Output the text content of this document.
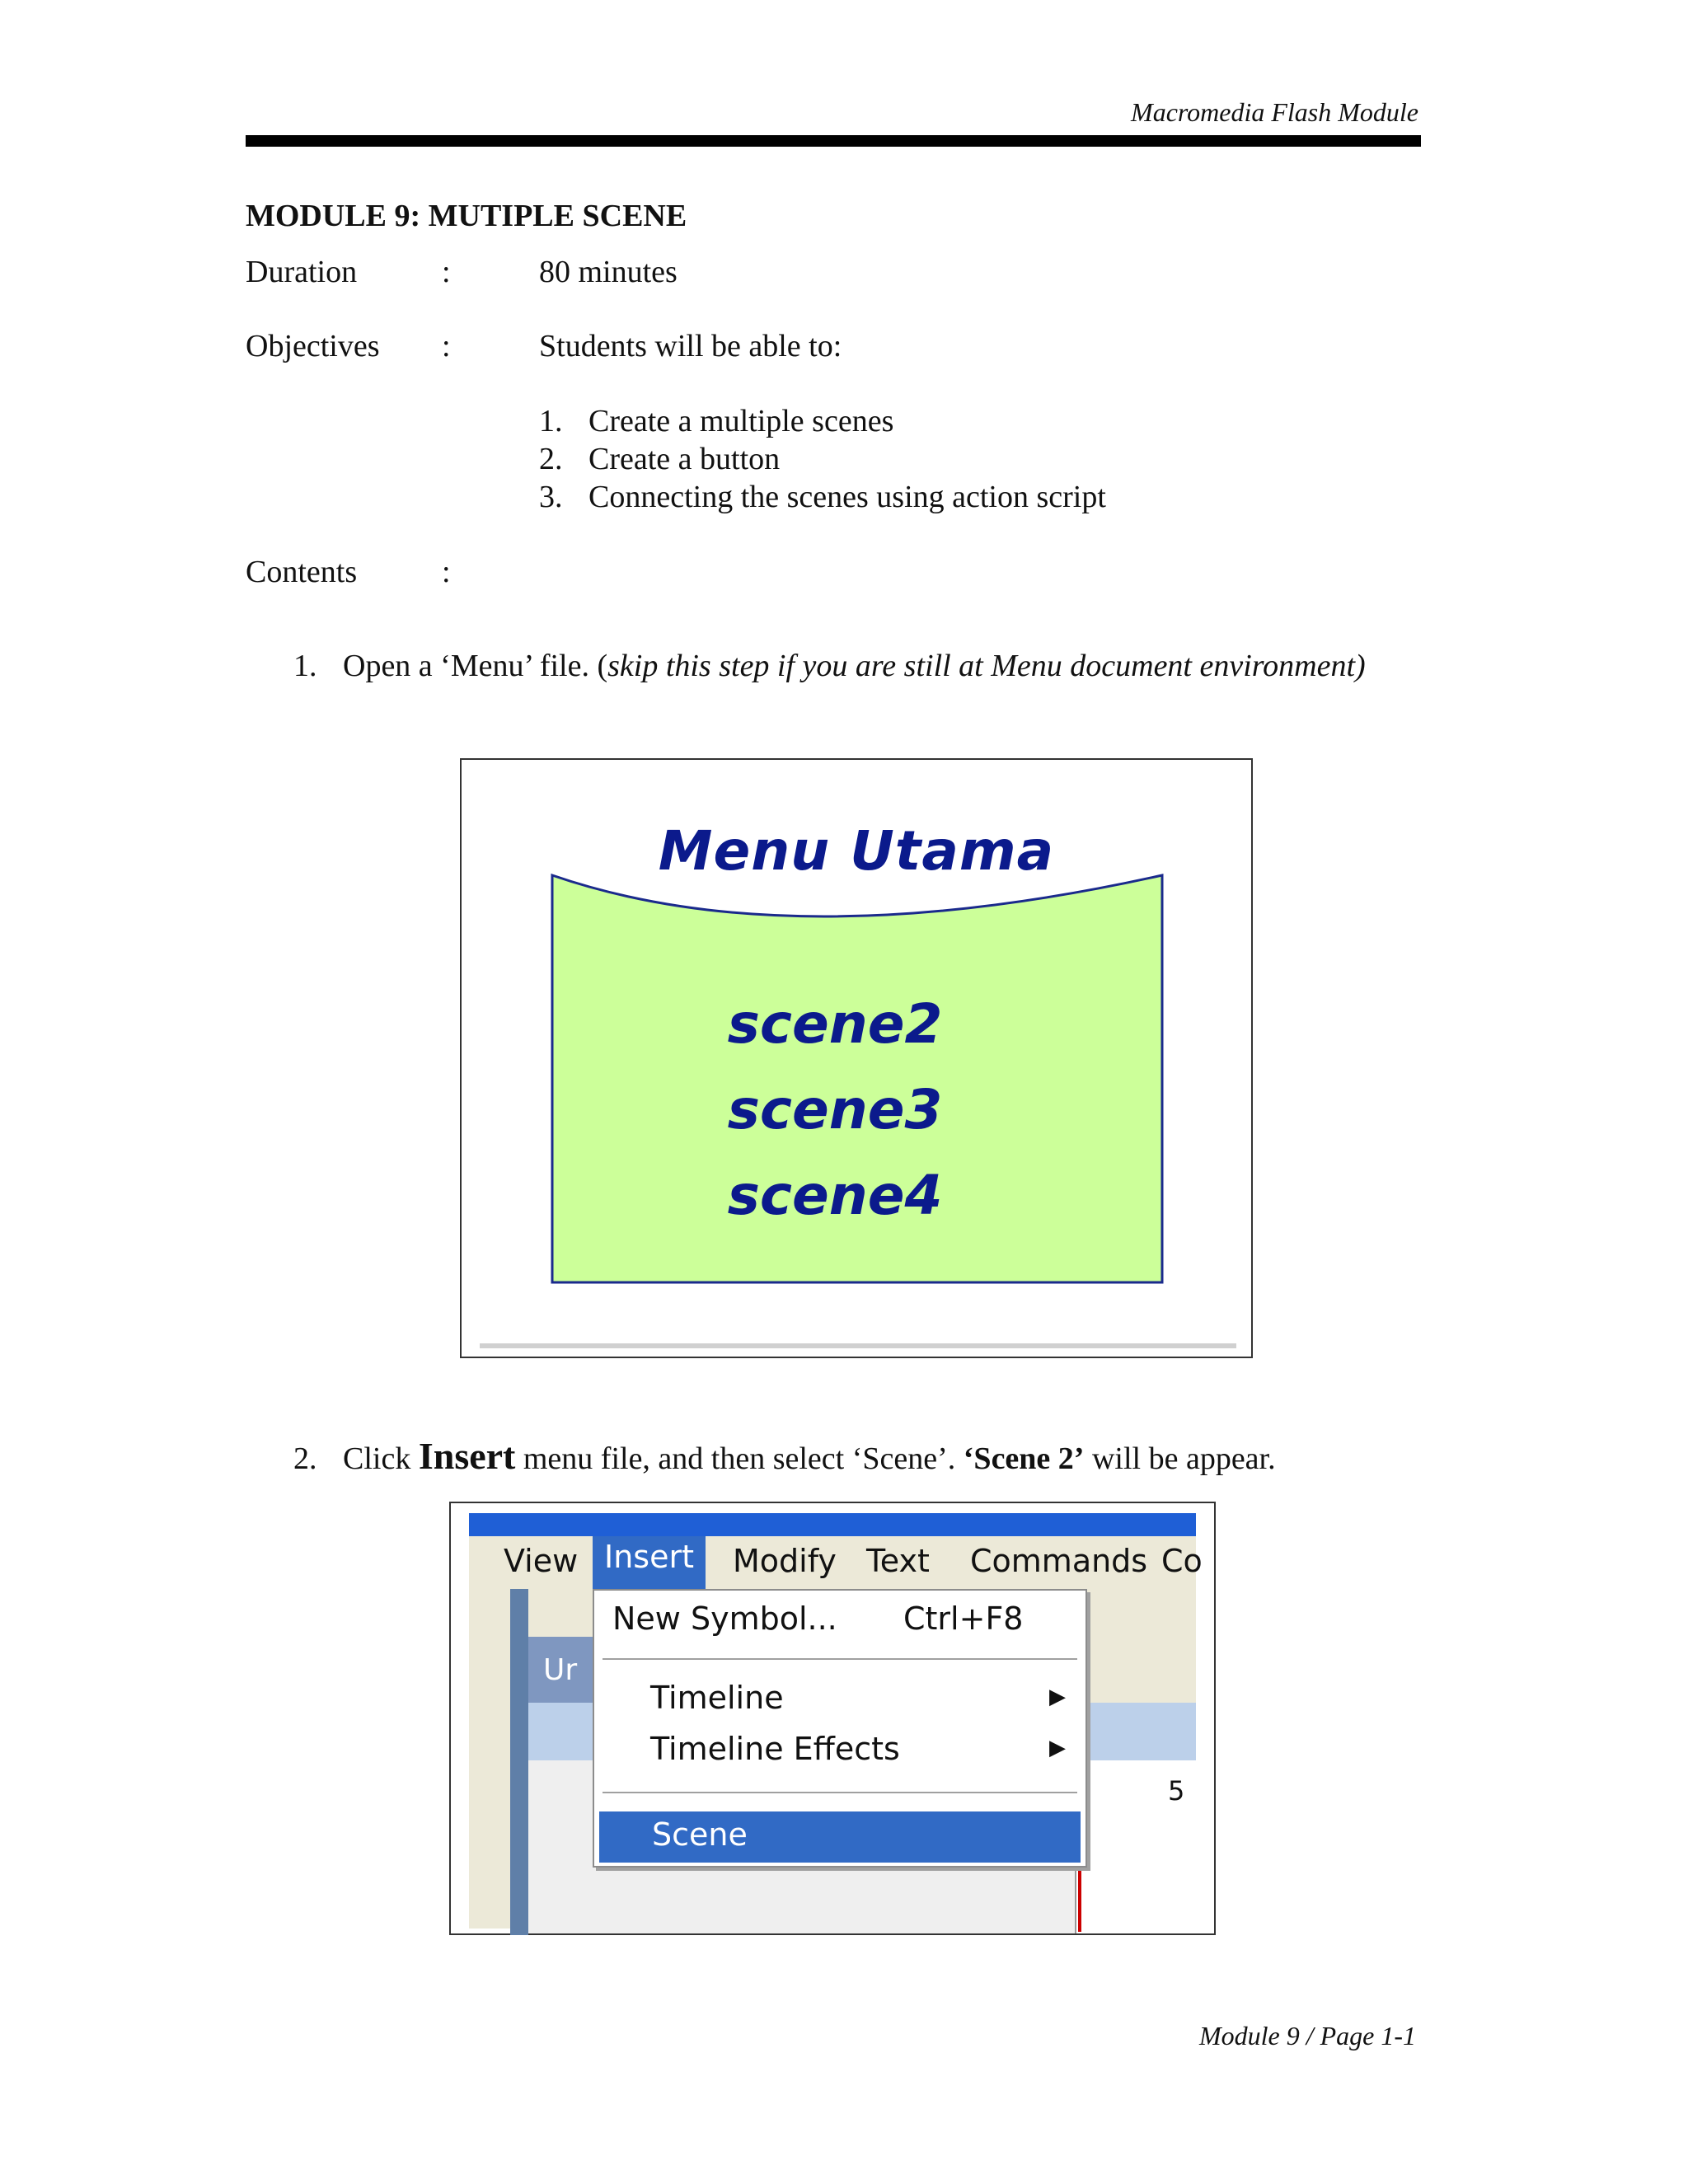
Macromedia Flash Module
MODULE 9: MUTIPLE SCENE
Duration	:	80 minutes
Objectives :	Students will be able to:
1. Create a multiple scenes
2. Create a button
3. Connecting the scenes using action script
Contents	:
1. Open a ‘Menu’ file. (skip this step if you are still at Menu document environment)
Menu Utama
scene2
scene3
scene4
2. Click Insert menu file, and then select ‘Scene’. ‘Scene 2’ will be appear.
View Insert	Modify Text Commands Co
Ur
5
New Symbol... Ctrl+F8
Timeline	▶
Timeline Effects	▶
Scene
Module 9 / Page 1-1
